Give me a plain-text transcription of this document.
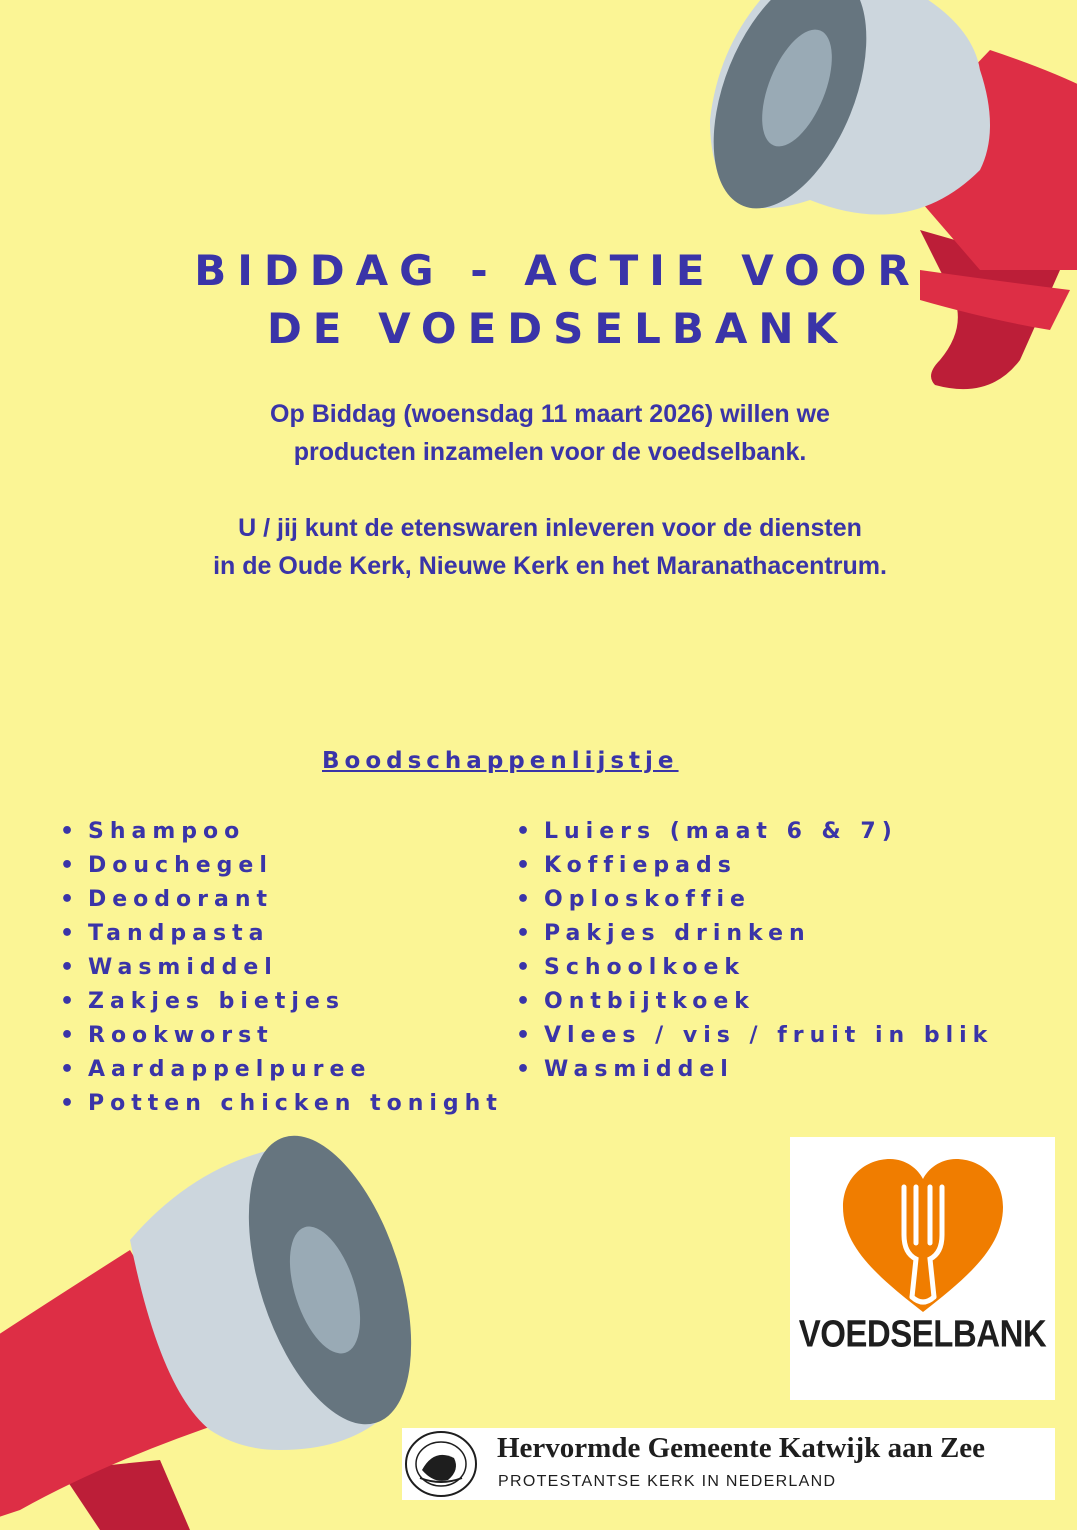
BIDDAG - ACTIE VOOR
DE VOEDSELBANK
Op Biddag (woensdag 11 maart 2026) willen we
producten inzamelen voor de voedselbank.
U / jij kunt de etenswaren inleveren voor de diensten
in de Oude Kerk, Nieuwe Kerk en het Maranathacentrum.
Boodschappenlijstje
• Shampoo
• Douchegel
• Deodorant
• Tandpasta
• Wasmiddel
• Zakjes bietjes
• Rookworst
• Aardappelpuree
• Potten chicken tonight
• Luiers (maat 6 & 7)
• Koffiepads
• Oploskoffie
• Pakjes drinken
• Schoolkoek
• Ontbijtkoek
• Vlees / vis / fruit in blik
• Wasmiddel
VOEDSELBANK
Hervormde Gemeente Katwijk aan Zee
PROTESTANTSE KERK IN NEDERLAND
